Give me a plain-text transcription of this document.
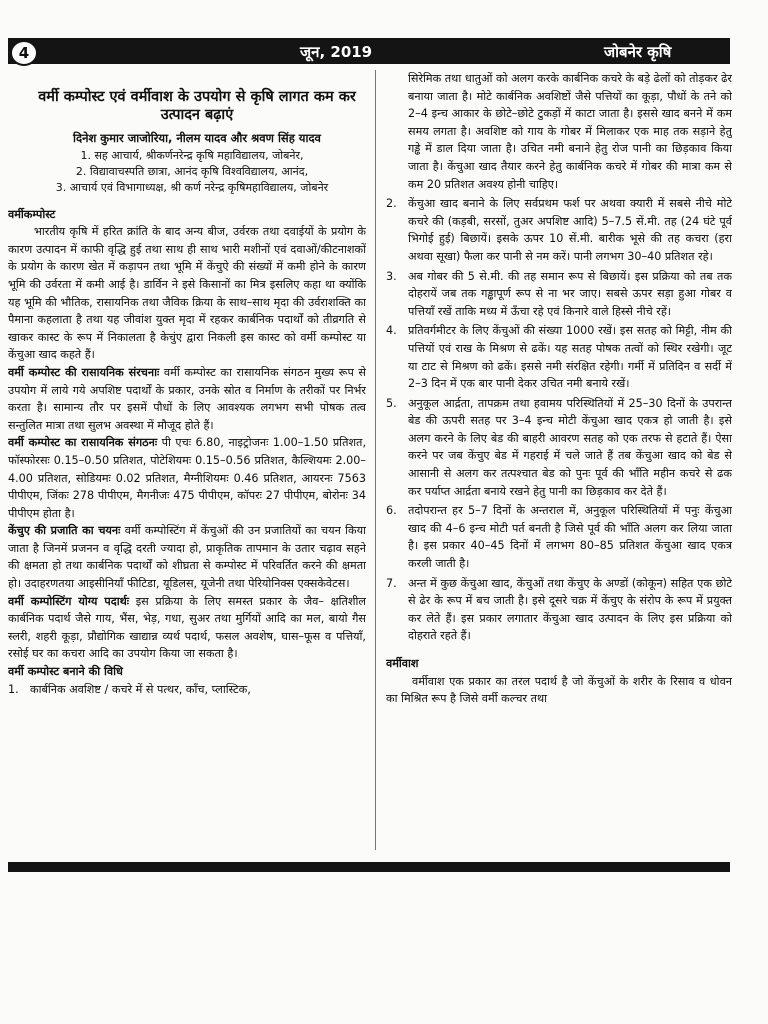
4	जून, 2019	जोबनेर कृषि
वर्मी कम्पोस्ट एवं वर्मीवाश के उपयोग से कृषि लागत कम कर उत्पादन बढ़ाएं
दिनेश कुमार जाजोरिया, नीलम यादव और श्रवण सिंह यादव
1. सह आचार्य, श्रीकर्णनरेन्द्र कृषि महाविद्यालय, जोबनेर,
2. विद्यावाचस्पति छात्रा, आनंद कृषि विश्वविद्यालय, आनंद,
3. आचार्य एवं विभागाध्यक्ष, श्री कर्ण नरेन्द्र कृषिमहाविद्यालय, जोबनेर
वर्मीकम्पोस्ट

भारतीय कृषि में हरित क्रांति के बाद अन्य बीज, उर्वरक तथा दवाईयों के प्रयोग के कारण उत्पादन में काफी वृद्धि हुई तथा साथ ही साथ भारी मशीनों एवं दवाओं/कीटनाशकों के प्रयोग के कारण खेत में कड़ापन तथा भूमि में केंचुऐ की संख्यों में कमी होने के कारण भूमि की उर्वरता में कमी आई है। डार्विन ने इसे किसानों का मित्र इसलिए कहा था क्योंकि यह भूमि की भौतिक, रासायनिक तथा जैविक क्रिया के साथ–साथ मृदा की उर्वराशक्ति का पैमाना कहलाता है तथा यह जीवांश युक्त मृदा में रहकर कार्बनिक पदार्थों को तीव्रगति से खाकर कास्ट के रूप में निकालता है केचुंए द्वारा निकली इस कास्ट को वर्मी कम्पोस्ट या केंचुआ खाद कहते हैं।

वर्मी कम्पोस्ट की रासायनिक संरचनाः वर्मी कम्पोस्ट का रासायनिक संगठन मुख्य रूप से उपयोग में लाये गये अपशिष्ट पदार्थों के प्रकार, उनके स्रोत व निर्माण के तरीकों पर निर्भर करता है। सामान्य तौर पर इसमें पौधों के लिए आवश्यक लगभग सभी पोषक तत्व सन्तुलित मात्रा तथा सुलभ अवस्था में मौजूद होते हैं।

वर्मी कम्पोस्ट का रासायनिक संगठनः पी एचः 6.80, नाइट्रोजनः 1.00–1.50 प्रतिशत, फॉस्फोरसः 0.15–0.50 प्रतिशत, पोटेशियमः 0.15–0.56 प्रतिशत, कैल्शियमः 2.00–4.00 प्रतिशत, सोडियमः 0.02 प्रतिशत, मैग्नीशियमः 0.46 प्रतिशत, आयरनः 7563 पीपीएम, जिंकः 278 पीपीएम, मैगनीजः 475 पीपीएम, कॉपरः 27 पीपीएम, बोरोनः 34 पीपीएम होता है।

केंचुए की प्रजाति का चयनः वर्मी कम्पोस्टिंग में केंचुओं की उन प्रजातियों का चयन किया जाता है जिनमें प्रजनन व वृद्धि दरती ज्यादा हो, प्राकृतिक तापमान के उतार चढ़ाव सहने की क्षमता हो तथा कार्बनिक पदार्थों को शीघ्रता से कम्पोस्ट में परिवर्तित करने की क्षमता हो। उदाहरणतया आइसीनियाँ फीटिडा, यूडिलस, यूजेनी तथा पेरियोनिक्स एक्सकेवेटस।

वर्मी कम्पोस्टिंग योग्य पदार्थः इस प्रक्रिया के लिए समस्त प्रकार के जैव– क्षतिशील कार्बनिक पदार्थ जैसे गाय, भैंस, भेड़, गधा, सुअर तथा मुर्गियों आदि का मल, बायो गैस स्लरी, शहरी कूड़ा, प्रौद्योगिक खाद्यान्न व्यर्थ पदार्थ, फसल अवशेष, घास–फूस व पत्तियाँ, रसोई घर का कचरा आदि का उपयोग किया जा सकता है।

वर्मी कम्पोस्ट बनाने की विधि
1. कार्बनिक अवशिष्ट / कचरे में से पत्थर, काँच, प्लास्टिक,
सिरेमिक तथा धातुओं को अलग करके कार्बनिक कचरे के बड़े ढेलों को तोड़कर ढेर बनाया जाता है। मोटे कार्बनिक अवशिष्टों जैसे पत्तियों का कूड़ा, पौधों के तने को 2–4 इन्च आकार के छोटे–छोटे टुकड़ों में काटा जाता है। इससे खाद बनने में कम समय लगता है। अवशिष्ट को गाय के गोबर में मिलाकर एक माह तक सड़ाने हेतु गड्ढे में डाल दिया जाता है। उचित नमी बनाने हेतु रोज पानी का छिड़काव किया जाता है। केंचुआ खाद तैयार करने हेतु कार्बनिक कचरे में गोबर की मात्रा कम से कम 20 प्रतिशत अवश्य होनी चाहिए।
2. केंचुआ खाद बनाने के लिए सर्वप्रथम फर्श पर अथवा क्यारी में सबसे नीचे मोटे कचरे की (कड़बी, सरसों, तुअर अपशिष्ट आदि) 5–7.5 सें.मी. तह (24 घंटे पूर्व भिगोई हुई) बिछायें। इसके ऊपर 10 सें.मी. बारीक भूसे की तह कचरा (हरा अथवा सूखा) फैला कर पानी से नम करें। पानी लगभग 30–40 प्रतिशत रहे।
3. अब गोबर की 5 से.मी. की तह समान रूप से बिछायें। इस प्रक्रिया को तब तक दोहरायें जब तक गड्ढापूर्ण रूप से ना भर जाए। सबसे ऊपर सड़ा हुआ गोबर व पत्तियाँ रखें ताकि मध्य में ऊँचा रहे एवं किनारे वाले हिस्से नीचे रहें।
4. प्रतिवर्गमीटर के लिए केंचुओं की संख्या 1000 रखें। इस सतह को मिट्टी, नीम की पत्तियों एवं राख के मिश्रण से ढकें। यह सतह पोषक तत्वों को स्थिर रखेगी। जूट या टाट से मिश्रण को ढकें। इससे नमी संरक्षित रहेगी। गर्मी में प्रतिदिन व सर्दी में 2–3 दिन में एक बार पानी देकर उचित नमी बनाये रखें।
5. अनुकूल आर्द्रता, तापक्रम तथा हवामय परिस्थितियों में 25–30 दिनों के उपरान्त बेड की ऊपरी सतह पर 3–4 इन्च मोटी केंचुआ खाद एकत्र हो जाती है। इसे अलग करने के लिए बेड की बाहरी आवरण सतह को एक तरफ से हटाते हैं। ऐसा करने पर जब केंचुए बेड में गहराई में चले जाते हैं तब केंचुआ खाद को बेड से आसानी से अलग कर तत्पश्चात बेड को पुनः पूर्व की भाँति महीन कचरे से ढक कर पर्याप्त आर्द्रता बनाये रखने हेतु पानी का छिड़काव कर देते हैं।
6. तदोपरान्त हर 5–7 दिनों के अन्तराल में, अनुकूल परिस्थितियों में पनुः केंचुआ खाद की 4–6 इन्च मोटी पर्त बनती है जिसे पूर्व की भाँति अलग कर लिया जाता है। इस प्रकार 40–45 दिनों में लगभग 80–85 प्रतिशत केंचुआ खाद एकत्र करली जाती है।
7. अन्त में कुछ केंचुआ खाद, केंचुओं तथा केंचुए के अण्डों (कोकून) सहित एक छोटे से ढेर के रूप में बच जाती है। इसे दूसरे चक्र में केंचुए के संरोप के रूप में प्रयुक्त कर लेते हैं। इस प्रकार लगातार केंचुआ खाद उत्पादन के लिए इस प्रक्रिया को दोहराते रहते हैं।
वर्मीवाश

वर्मीवाश एक प्रकार का तरल पदार्थ है जो केंचुओं के शरीर के रिसाव व धोवन का मिश्रित रूप है जिसे वर्मी कल्चर तथा
